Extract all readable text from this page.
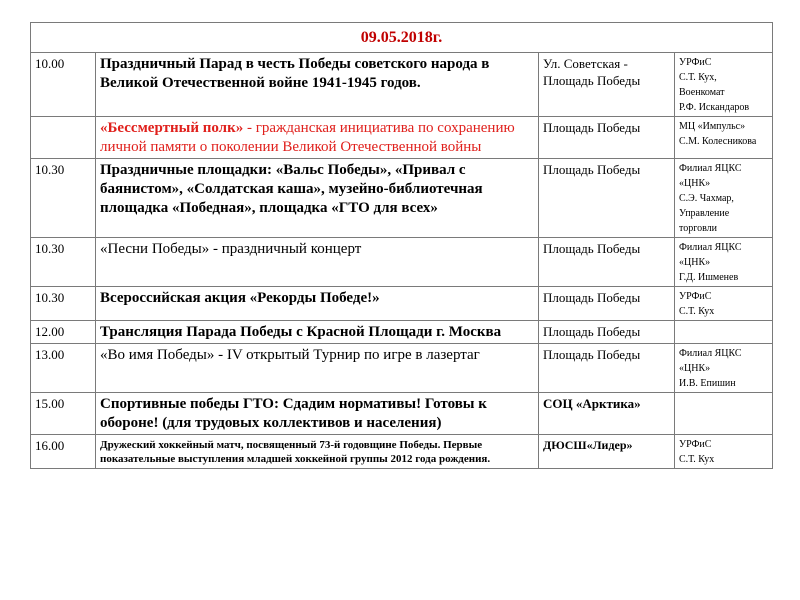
09.05.2018г.			
10.00	Праздничный Парад в честь Победы советского народа в Великой Отечественной войне 1941-1945 годов.	Ул. Советская - Площадь Победы	УРФиС
С.Т. Кух,
Военкомат
Р.Ф. Искандаров

	«Бессмертный полк» - гражданская инициатива по сохранению личной памяти о поколении Великой Отечественной войны	Площадь Победы	МЦ «Импульс»
С.М. Колесникова

10.30	Праздничные площадки: «Вальс Победы», «Привал с баянистом», «Солдатская каша», музейно-библиотечная площадка «Победная», площадка «ГТО для всех»	Площадь Победы	Филиал ЯЦКС
«ЦНК»
С.Э. Чахмар,
Управление
торговли

10.30	«Песни Победы» - праздничный концерт	Площадь Победы	Филиал ЯЦКС
«ЦНК»
Г.Д. Ишменев

10.30	Всероссийская акция «Рекорды Победе!»	Площадь Победы	УРФиС
С.Т. Кух

12.00	Трансляция Парада Победы с Красной Площади г. Москва	Площадь Победы	
13.00	«Во имя Победы» - IV открытый Турнир по игре в лазертаг	Площадь Победы	Филиал ЯЦКС
«ЦНК»
И.В. Епишин

15.00	Спортивные победы ГТО: Сдадим нормативы! Готовы к обороне! (для трудовых коллективов и населения)	СОЦ «Арктика»	
16.00	Дружеский хоккейный матч, посвященный 73-й годовщине Победы. Первые показательные выступления младшей хоккейной группы 2012 года рождения.	ДЮСШ«Лидер»	УРФиС
С.Т. Кух
